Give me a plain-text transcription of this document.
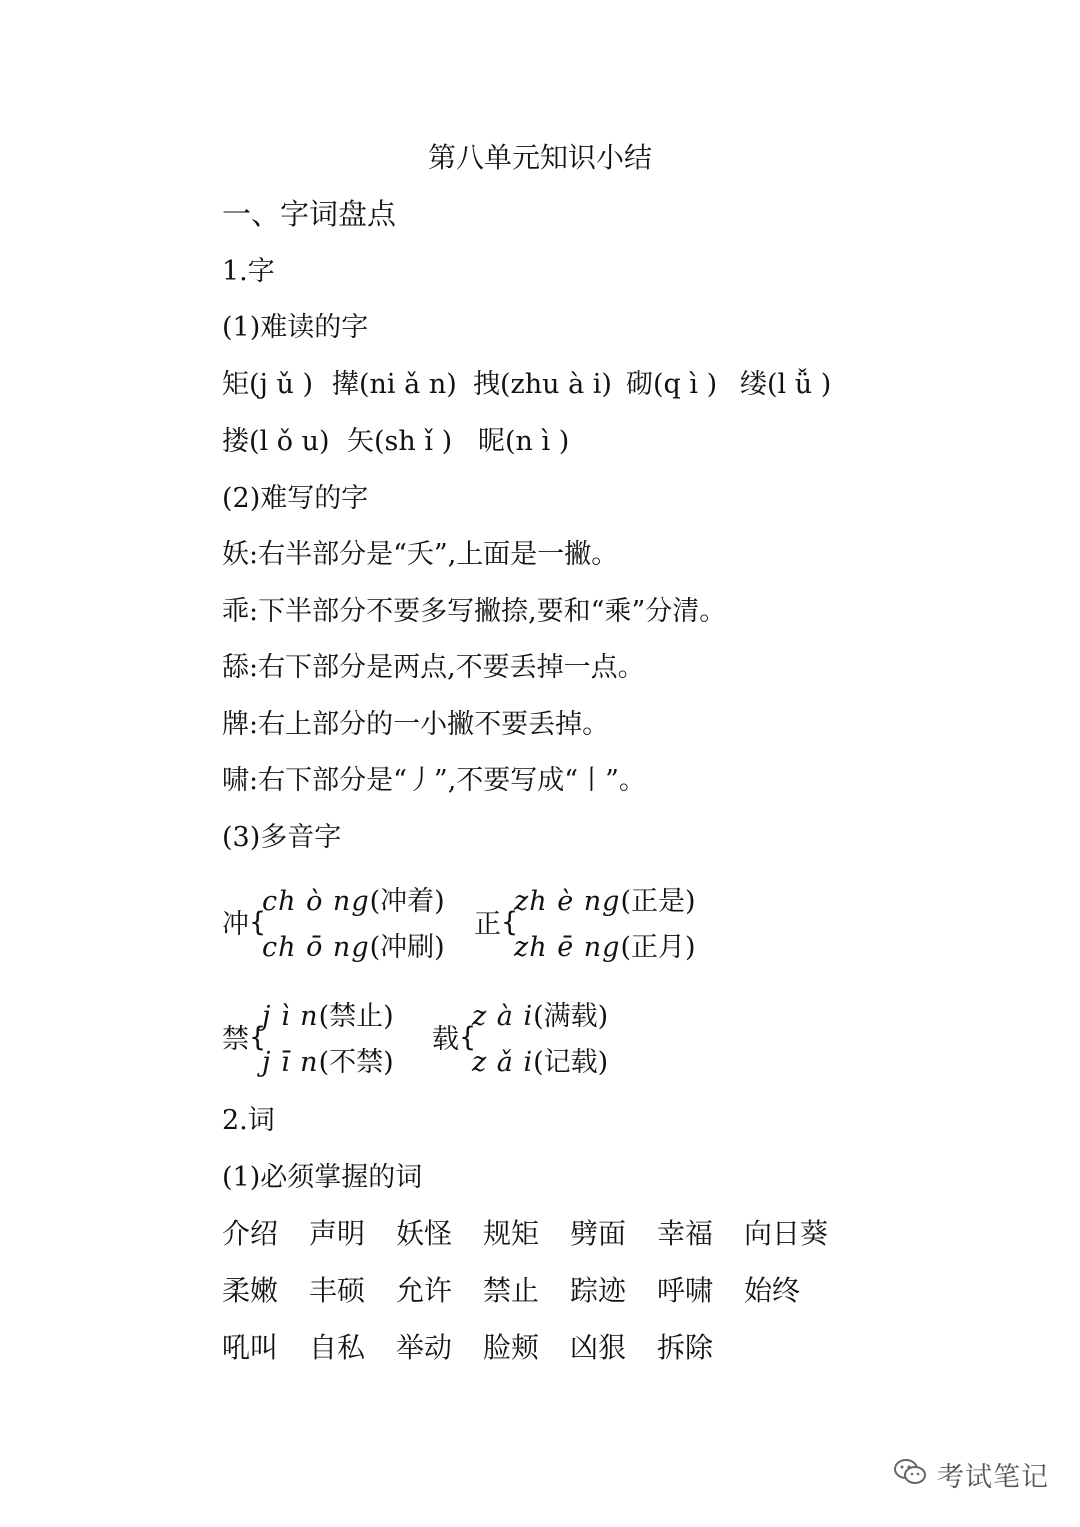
第八单元知识小结
一、字词盘点
1.字
(1)难读的字
矩(j ǔ ) 撵(ni ǎ n) 拽(zhu à i) 砌(q ì ) 缕(l ǚ )
搂(l ǒ u) 矢(sh ǐ ) 昵(n ì )
(2)难写的字
妖:右半部分是“夭”,上面是一撇。
乖:下半部分不要多写撇捺,要和“乘”分清。
舔:右下部分是两点,不要丢掉一点。
牌:右上部分的一小撇不要丢掉。
啸:右下部分是“丿”,不要写成“丨”。
(3)多音字
冲 {
ch ò ng(冲着)
ch ō ng(冲刷)
正 {
zh è ng(正是)
zh ē ng(正月)
禁 {
j ì n(禁止)
j ī n(不禁)
载 {
z à i(满载)
z ǎ i(记载)
2.词
(1)必须掌握的词
介绍 声明 妖怪 规矩 劈面 幸福 向日葵
柔嫩 丰硕 允许 禁止 踪迹 呼啸 始终
吼叫 自私 举动 脸颊 凶狠 拆除
考试笔记
